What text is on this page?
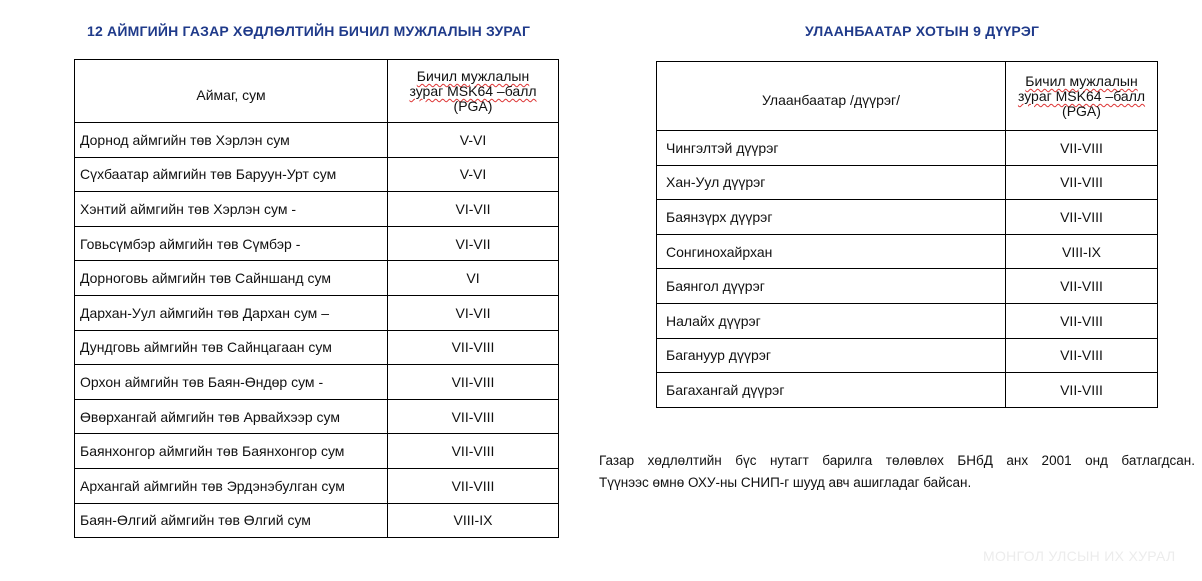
12 АЙМГИЙН ГАЗАР ХӨДЛӨЛТИЙН БИЧИЛ МУЖЛАЛЫН ЗУРАГ	УЛААНБААТАР ХОТЫН 9 ДҮҮРЭГ
Аймаг, сум	Бичил мужлалын
зураг MSK64 –балл
(PGA)

Дорнод аймгийн төв Хэрлэн сум	V-VI
Сүхбаатар аймгийн төв Баруун-Урт сум	V-VI
Хэнтий аймгийн төв Хэрлэн сум -	VI-VII
Говьсүмбэр аймгийн төв Сүмбэр -	VI-VII
Дорноговь аймгийн төв Сайншанд сум	VI
Дархан-Уул аймгийн төв Дархан сум –	VI-VII
Дундговь аймгийн төв Сайнцагаан сум	VII-VIII
Орхон аймгийн төв Баян-Өндөр сум -	VII-VIII
Өвөрхангай аймгийн төв Арвайхээр сум	VII-VIII
Баянхонгор аймгийн төв Баянхонгор сум	VII-VIII
Архангай аймгийн төв Эрдэнэбулган сум	VII-VIII
Баян-Өлгий аймгийн төв Өлгий сум	VIII-IX
Улаанбаатар /дүүрэг/	Бичил мужлалын
зураг MSK64 –балл
(PGA)

Чингэлтэй дүүрэг	VII-VIII
Хан-Уул дүүрэг	VII-VIII
Баянзүрх дүүрэг	VII-VIII
Сонгинохайрхан	VIII-IX
Баянгол дүүрэг	VII-VIII
Налайх дүүрэг	VII-VIII
Багануур дүүрэг	VII-VIII
Багахангай дүүрэг	VII-VIII
Газар хөдлөлтийн бүс нутагт барилга төлөвлөх БНбД анх 2001 онд батлагдсан.
Түүнээс өмнө ОХУ-ны СНИП-г шууд авч ашигладаг байсан.
МОНГОЛ УЛСЫН ИХ ХУРАЛ
